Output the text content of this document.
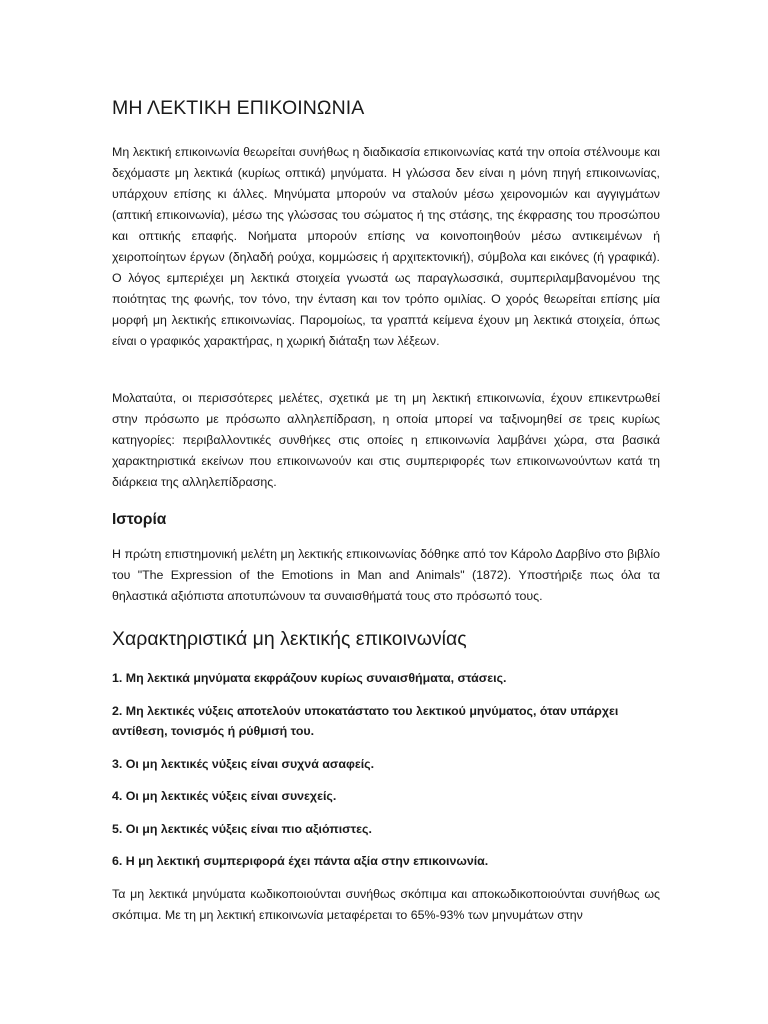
ΜΗ ΛΕΚΤΙΚΗ ΕΠΙΚΟΙΝΩΝΙΑ

Μη λεκτική επικοινωνία θεωρείται συνήθως η διαδικασία επικοινωνίας κατά την οποία στέλνουμε και δεχόμαστε μη λεκτικά (κυρίως οπτικά) μηνύματα. Η γλώσσα δεν είναι η μόνη πηγή επικοινωνίας, υπάρχουν επίσης κι άλλες. Μηνύματα μπορούν να σταλούν μέσω χειρονομιών και αγγιγμάτων (απτική επικοινωνία), μέσω της γλώσσας του σώματος ή της στάσης, της έκφρασης του προσώπου και οπτικής επαφής. Νοήματα μπορούν επίσης να κοινοποιηθούν μέσω αντικειμένων ή χειροποίητων έργων (δηλαδή ρούχα, κομμώσεις ή αρχιτεκτονική), σύμβολα και εικόνες (ή γραφικά). Ο λόγος εμπεριέχει μη λεκτικά στοιχεία γνωστά ως παραγλωσσικά, συμπεριλαμβανομένου της ποιότητας της φωνής, τον τόνο, την ένταση και τον τρόπο ομιλίας. Ο χορός θεωρείται επίσης μία μορφή μη λεκτικής επικοινωνίας. Παρομοίως, τα γραπτά κείμενα έχουν μη λεκτικά στοιχεία, όπως είναι ο γραφικός χαρακτήρας, η χωρική διάταξη των λέξεων.

Μολαταύτα, οι περισσότερες μελέτες, σχετικά με τη μη λεκτική επικοινωνία, έχουν επικεντρωθεί στην πρόσωπο με πρόσωπο αλληλεπίδραση, η οποία μπορεί να ταξινομηθεί σε τρεις κυρίως κατηγορίες: περιβαλλοντικές συνθήκες στις οποίες η επικοινωνία λαμβάνει χώρα, στα βασικά χαρακτηριστικά εκείνων που επικοινωνούν και στις συμπεριφορές των επικοινωνούντων κατά τη διάρκεια της αλληλεπίδρασης.

Ιστορία

Η πρώτη επιστημονική μελέτη μη λεκτικής επικοινωνίας δόθηκε από τον Κάρολο Δαρβίνο στο βιβλίο του "The Expression of the Emotions in Man and Animals" (1872). Υποστήριξε πως όλα τα θηλαστικά αξιόπιστα αποτυπώνουν τα συναισθήματά τους στο πρόσωπό τους.

Χαρακτηριστικά μη λεκτικής επικοινωνίας

1. Μη λεκτικά μηνύματα εκφράζουν κυρίως συναισθήματα, στάσεις.

2. Μη λεκτικές νύξεις αποτελούν υποκατάστατο του λεκτικού μηνύματος, όταν υπάρχει αντίθεση, τονισμός ή ρύθμισή του.

3. Οι μη λεκτικές νύξεις είναι συχνά ασαφείς.

4. Οι μη λεκτικές νύξεις είναι συνεχείς.

5. Οι μη λεκτικές νύξεις είναι πιο αξιόπιστες.

6. Η μη λεκτική συμπεριφορά έχει πάντα αξία στην επικοινωνία.

Τα μη λεκτικά μηνύματα κωδικοποιούνται συνήθως σκόπιμα και αποκωδικοποιούνται συνήθως ως σκόπιμα. Με τη μη λεκτική επικοινωνία μεταφέρεται το 65%-93% των μηνυμάτων στην
